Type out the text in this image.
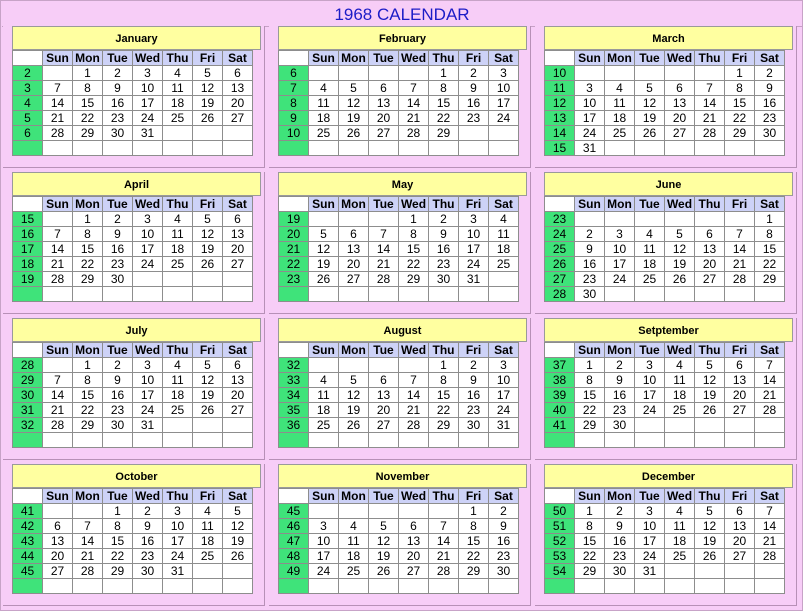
1968 CALENDAR
January
	Sun	Mon	Tue	Wed	Thu	Fri	Sat
2		1	2	3	4	5	6
3	7	8	9	10	11	12	13
4	14	15	16	17	18	19	20
5	21	22	23	24	25	26	27
6	28	29	30	31			

February
	Sun	Mon	Tue	Wed	Thu	Fri	Sat
6					1	2	3
7	4	5	6	7	8	9	10
8	11	12	13	14	15	16	17
9	18	19	20	21	22	23	24
10	25	26	27	28	29		

March
	Sun	Mon	Tue	Wed	Thu	Fri	Sat
10						1	2
11	3	4	5	6	7	8	9
12	10	11	12	13	14	15	16
13	17	18	19	20	21	22	23
14	24	25	26	27	28	29	30
15	31						
April
	Sun	Mon	Tue	Wed	Thu	Fri	Sat
15		1	2	3	4	5	6
16	7	8	9	10	11	12	13
17	14	15	16	17	18	19	20
18	21	22	23	24	25	26	27
19	28	29	30				

May
	Sun	Mon	Tue	Wed	Thu	Fri	Sat
19				1	2	3	4
20	5	6	7	8	9	10	11
21	12	13	14	15	16	17	18
22	19	20	21	22	23	24	25
23	26	27	28	29	30	31	

June
	Sun	Mon	Tue	Wed	Thu	Fri	Sat
23							1
24	2	3	4	5	6	7	8
25	9	10	11	12	13	14	15
26	16	17	18	19	20	21	22
27	23	24	25	26	27	28	29
28	30						
July
	Sun	Mon	Tue	Wed	Thu	Fri	Sat
28		1	2	3	4	5	6
29	7	8	9	10	11	12	13
30	14	15	16	17	18	19	20
31	21	22	23	24	25	26	27
32	28	29	30	31			

August
	Sun	Mon	Tue	Wed	Thu	Fri	Sat
32					1	2	3
33	4	5	6	7	8	9	10
34	11	12	13	14	15	16	17
35	18	19	20	21	22	23	24
36	25	26	27	28	29	30	31

Setptember
	Sun	Mon	Tue	Wed	Thu	Fri	Sat
37	1	2	3	4	5	6	7
38	8	9	10	11	12	13	14
39	15	16	17	18	19	20	21
40	22	23	24	25	26	27	28
41	29	30					

October
	Sun	Mon	Tue	Wed	Thu	Fri	Sat
41			1	2	3	4	5
42	6	7	8	9	10	11	12
43	13	14	15	16	17	18	19
44	20	21	22	23	24	25	26
45	27	28	29	30	31		

November
	Sun	Mon	Tue	Wed	Thu	Fri	Sat
45						1	2
46	3	4	5	6	7	8	9
47	10	11	12	13	14	15	16
48	17	18	19	20	21	22	23
49	24	25	26	27	28	29	30

December
	Sun	Mon	Tue	Wed	Thu	Fri	Sat
50	1	2	3	4	5	6	7
51	8	9	10	11	12	13	14
52	15	16	17	18	19	20	21
53	22	23	24	25	26	27	28
54	29	30	31				
